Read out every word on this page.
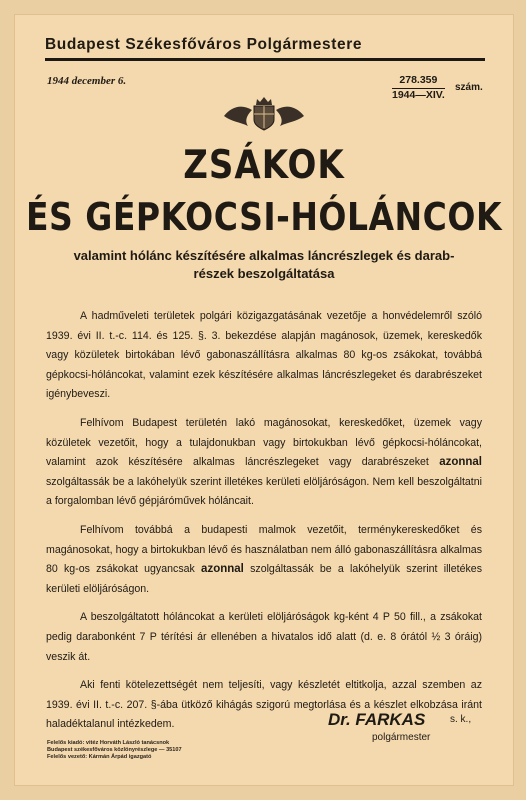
Budapest Székesfőváros Polgármestere
1944 december 6.	278.359
1944—XIV.
szám.
ZSÁKOK
ÉS GÉPKOCSI-HÓLÁNCOK
valamint hólánc készítésére alkalmas láncrészlegek és darab-részek beszolgáltatása

A hadműveleti területek polgári közigazgatásának vezetője a honvédelemről szóló 1939. évi II. t.-c. 114. és 125. §. 3. bekezdése alapján magánosok, üzemek, kereskedők vagy közületek birtokában lévő gabonaszállításra alkalmas 80 kg-os zsákokat, továbbá gépkocsi-hóláncokat, valamint ezek készítésére alkalmas láncrészlegeket és darabrészeket igénybeveszi.

Felhívom Budapest területén lakó magánosokat, kereskedőket, üzemek vagy közületek vezetőit, hogy a tulajdonukban vagy birtokukban lévő gépkocsi-hóláncokat, valamint azok készítésére alkalmas láncrészlegeket vagy darabrészeket azonnal szolgáltassák be a lakóhelyük szerint illetékes kerületi elöljáróságon. Nem kell beszolgáltatni a forgalomban lévő gépjáróművek hóláncait.

Felhívom továbbá a budapesti malmok vezetőit, terménykereskedőket és magánosokat, hogy a birtokukban lévő és használatban nem álló gabonaszállításra alkalmas 80 kg-os zsákokat ugyancsak azonnal szolgáltassák be a lakóhelyük szerint illetékes kerületi elöljáróságon.

A beszolgáltatott hóláncokat a kerületi elöljáróságok kg-ként 4 P 50 fill., a zsákokat pedig darabonként 7 P térítési ár ellenében a hivatalos idő alatt (d. e. 8 órától ½ 3 óráig) veszik át.

Aki fenti kötelezettségét nem teljesíti, vagy készletét eltitkolja, azzal szemben az 1939. évi II. t.-c. 207. §-ába ütköző kihágás szigorú megtorlása és a készlet elkobzása iránt haladéktalanul intézkedem.	Dr. FARKAS s. k.,
polgármester
Felelős kiadó: vitéz Horváth László tanácsnok
Budapest székesfőváros közlönyrészlege — 35107
Felelős vezető: Kármán Árpád igazgató
